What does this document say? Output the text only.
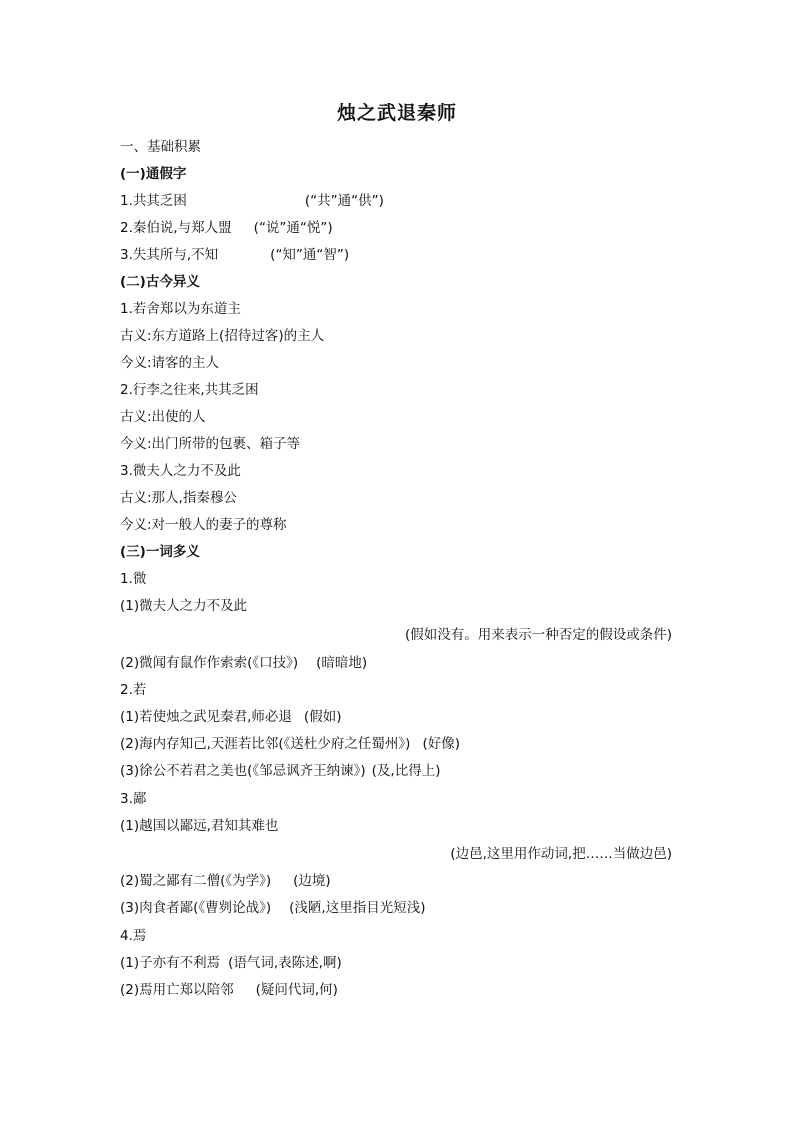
烛之武退秦师
一、基础积累
(一)通假字
1.共其乏困	(“共”通“供”)
2.秦伯说,与郑人盟 (“说”通“悦”)
3.失其所与,不知	(“知”通“智”)
(二)古今异义
1.若舍郑以为东道主
古义:东方道路上(招待过客)的主人
今义:请客的主人
2.行李之往来,共其乏困
古义:出使的人
今义:出门所带的包裹、箱子等
3.微夫人之力不及此
古义:那人,指秦穆公
今义:对一般人的妻子的尊称
(三)一词多义
1.微
(1)微夫人之力不及此
(假如没有。用来表示一种否定的假设或条件)
(2)微闻有鼠作作索索(《口技》) (暗暗地)
2.若
(1)若使烛之武见秦君,师必退 (假如)
(2)海内存知己,天涯若比邻(《送杜少府之任蜀州》) (好像)
(3)徐公不若君之美也(《邹忌讽齐王纳谏》) (及,比得上)
3.鄙
(1)越国以鄙远,君知其难也
(边邑,这里用作动词,把……当做边邑)
(2)蜀之鄙有二僧(《为学》) (边境)
(3)肉食者鄙(《曹刿论战》) (浅陋,这里指目光短浅)
4.焉
(1)子亦有不利焉 (语气词,表陈述,啊)
(2)焉用亡郑以陪邻 (疑问代词,何)
